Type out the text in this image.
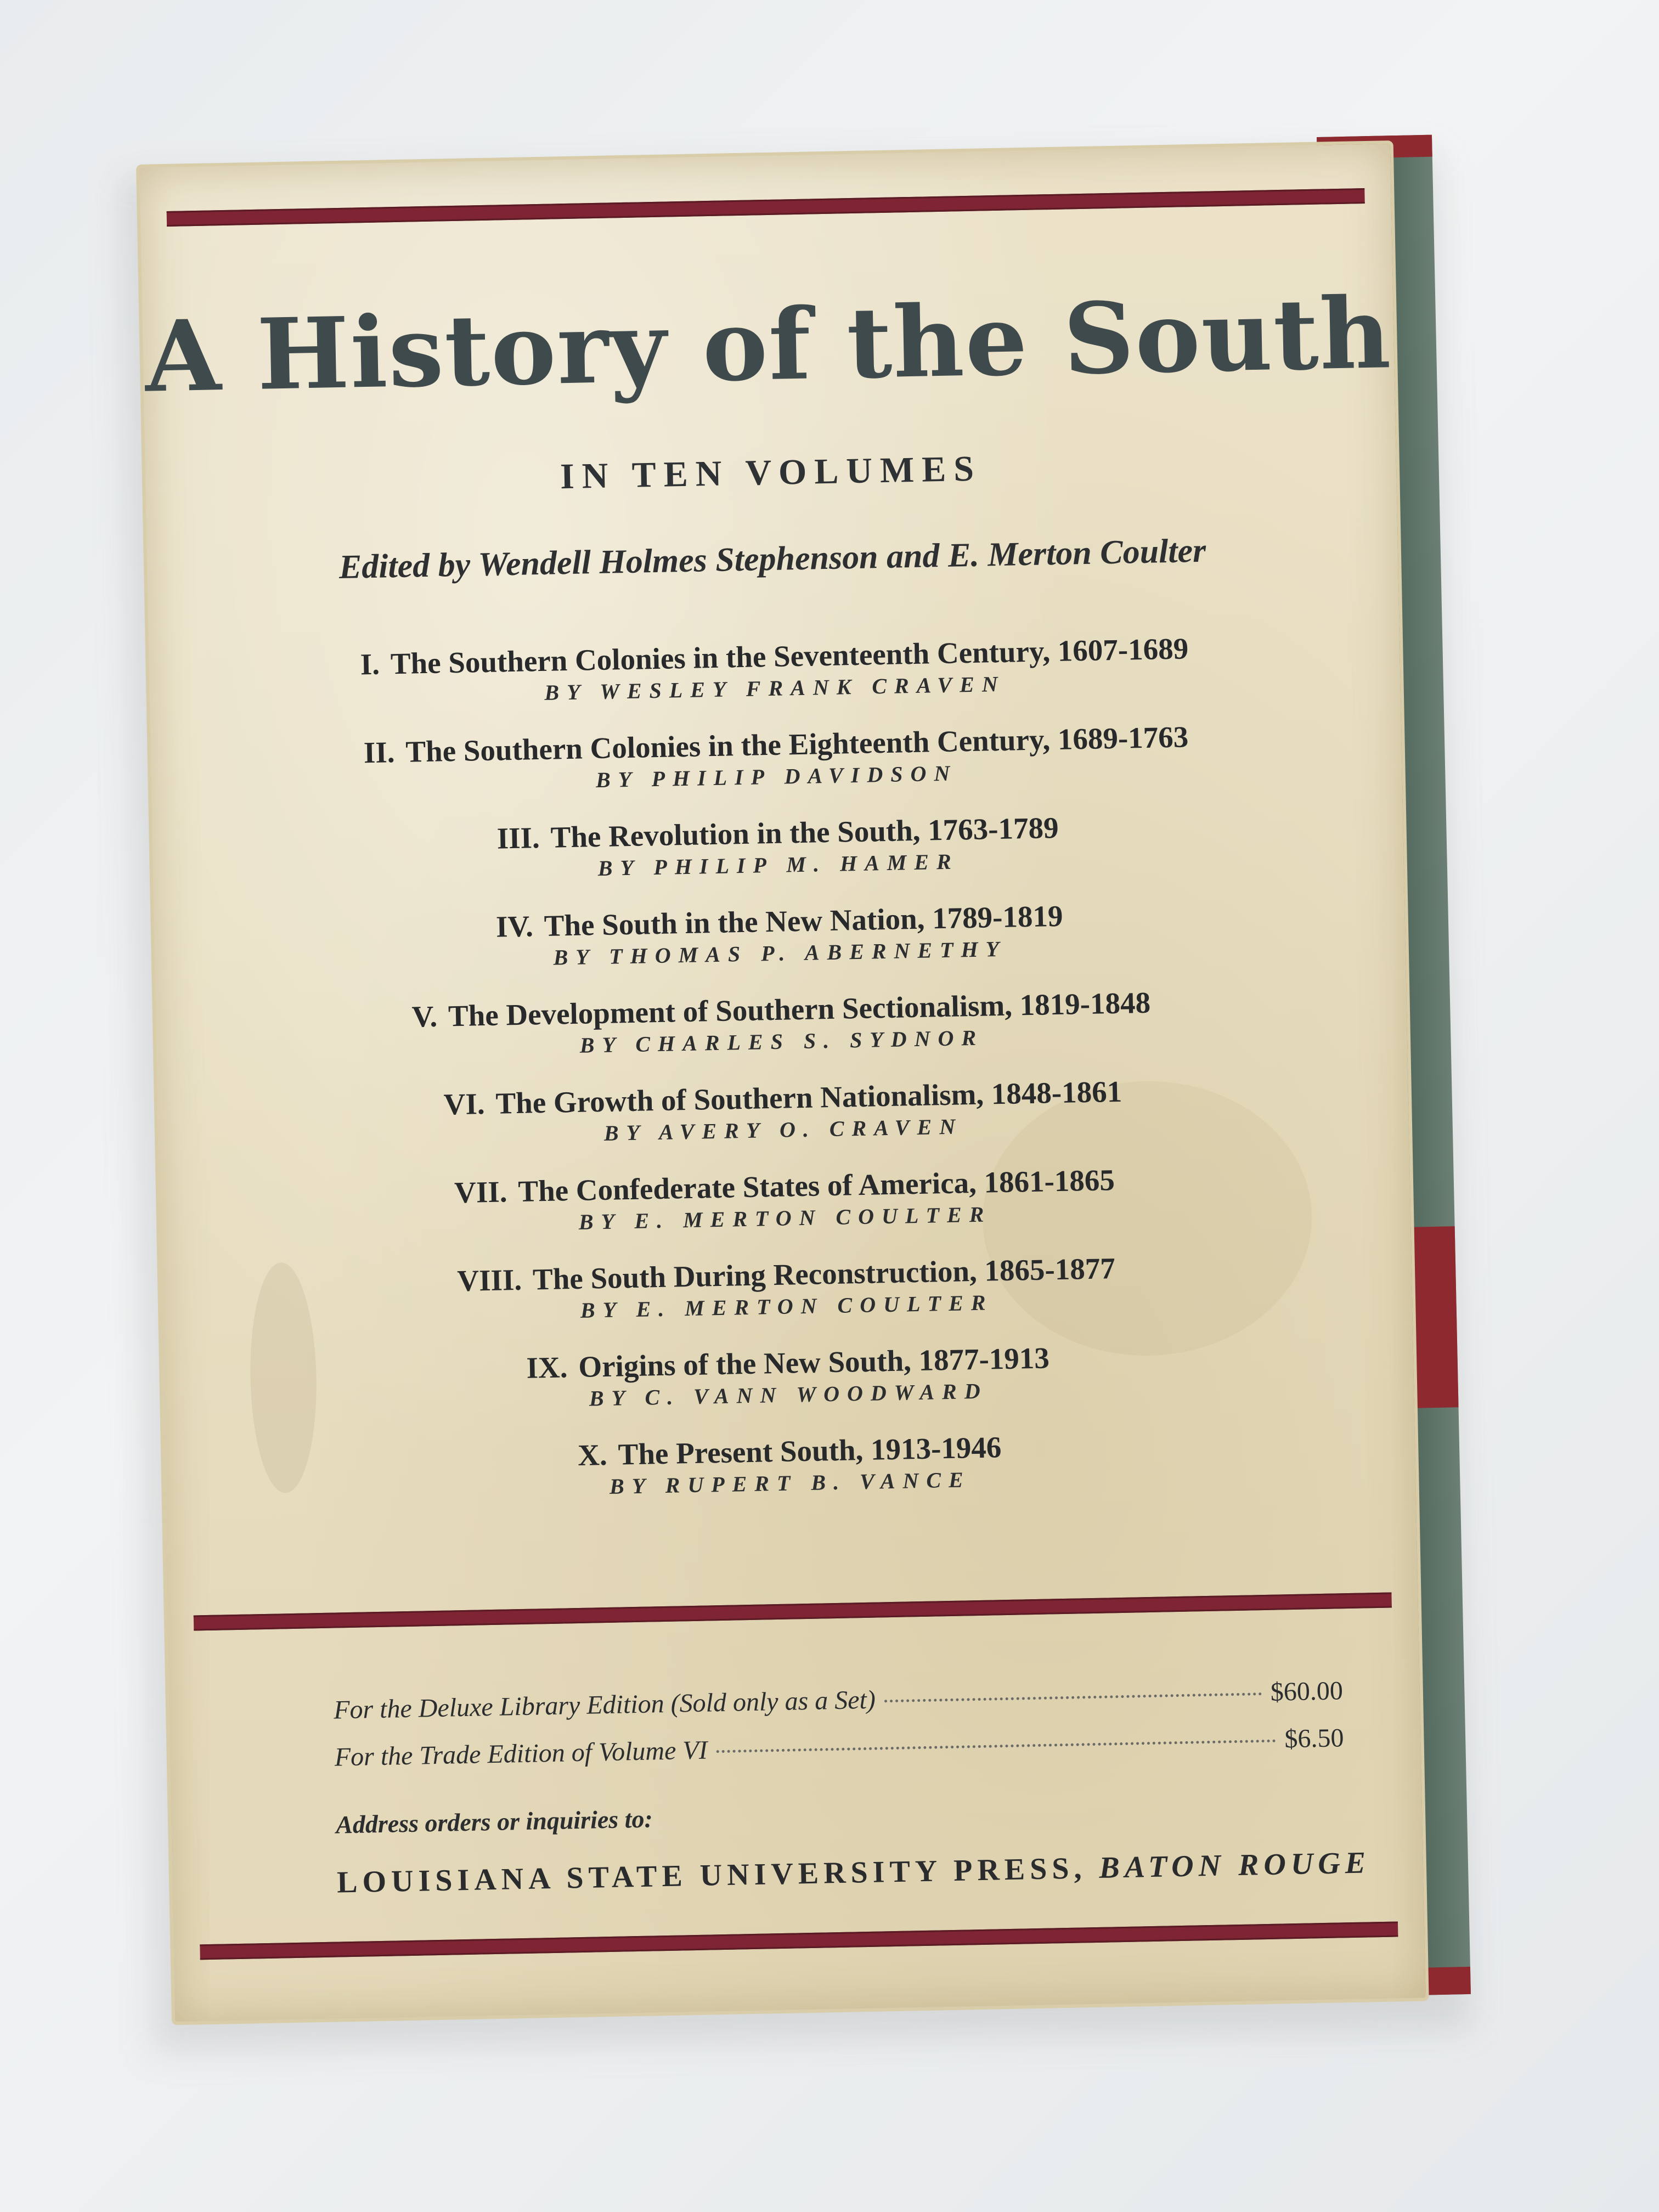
A History of the South
IN TEN VOLUMES
Edited by Wendell Holmes Stephenson and E. Merton Coulter
I. The Southern Colonies in the Seventeenth Century, 1607-1689
BY WESLEY FRANK CRAVEN
II. The Southern Colonies in the Eighteenth Century, 1689-1763
BY PHILIP DAVIDSON
III. The Revolution in the South, 1763-1789
BY PHILIP M. HAMER
IV. The South in the New Nation, 1789-1819
BY THOMAS P. ABERNETHY
V. The Development of Southern Sectionalism, 1819-1848
BY CHARLES S. SYDNOR
VI. The Growth of Southern Nationalism, 1848-1861
BY AVERY O. CRAVEN
VII. The Confederate States of America, 1861-1865
BY E. MERTON COULTER
VIII. The South During Reconstruction, 1865-1877
BY E. MERTON COULTER
IX. Origins of the New South, 1877-1913
BY C. VANN WOODWARD
X. The Present South, 1913-1946
BY RUPERT B. VANCE
For the Deluxe Library Edition (Sold only as a Set)	$60.00
For the Trade Edition of Volume VI	$6.50
Address orders or inquiries to:
LOUISIANA STATE UNIVERSITY PRESS, BATON ROUGE
